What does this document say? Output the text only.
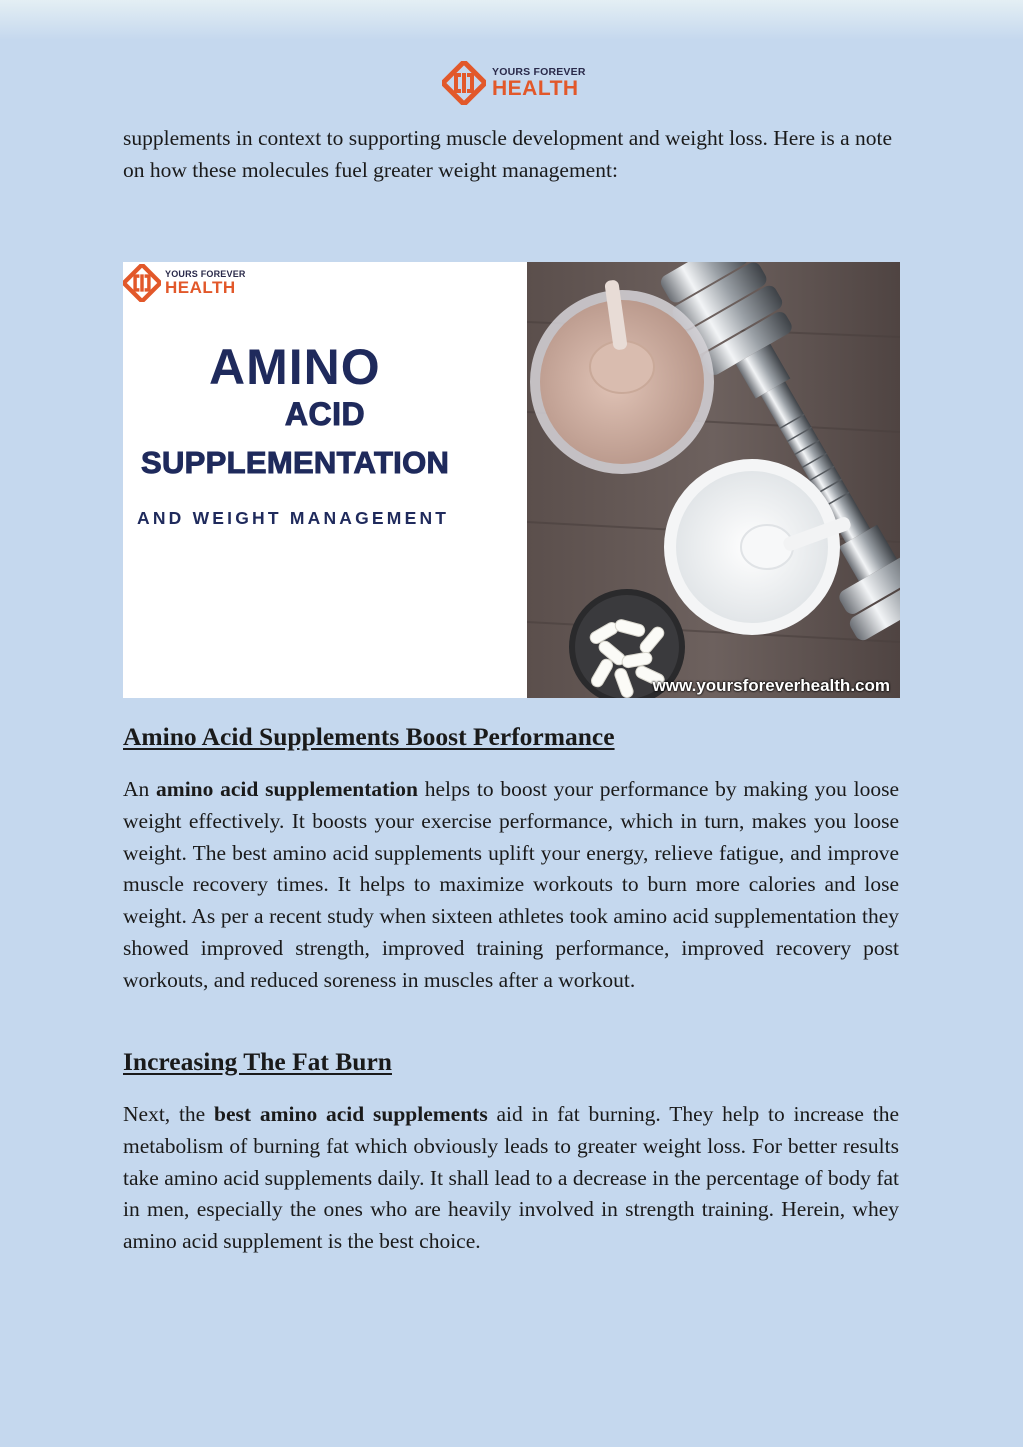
YOURS FOREVER
HEALTH

supplements in context to supporting muscle development and weight loss. Here is a note on how these molecules fuel greater weight management:

YOURS FOREVER
HEALTH

AMINO

ACID

SUPPLEMENTATION

AND WEIGHT MANAGEMENT

www.yoursforeverhealth.com
Amino Acid Supplements Boost Performance

An amino acid supplementation helps to boost your performance by making you loose weight effectively. It boosts your exercise performance, which in turn, makes you loose weight. The best amino acid supplements uplift your energy, relieve fatigue, and improve muscle recovery times. It helps to maximize workouts to burn more calories and lose weight. As per a recent study when sixteen athletes took amino acid supplementation they showed improved strength, improved training performance, improved recovery post workouts, and reduced soreness in muscles after a workout.

Increasing The Fat Burn

Next, the best amino acid supplements aid in fat burning. They help to increase the metabolism of burning fat which obviously leads to greater weight loss. For better results take amino acid supplements daily. It shall lead to a decrease in the percentage of body fat in men, especially the ones who are heavily involved in strength training. Herein, whey amino acid supplement is the best choice.
